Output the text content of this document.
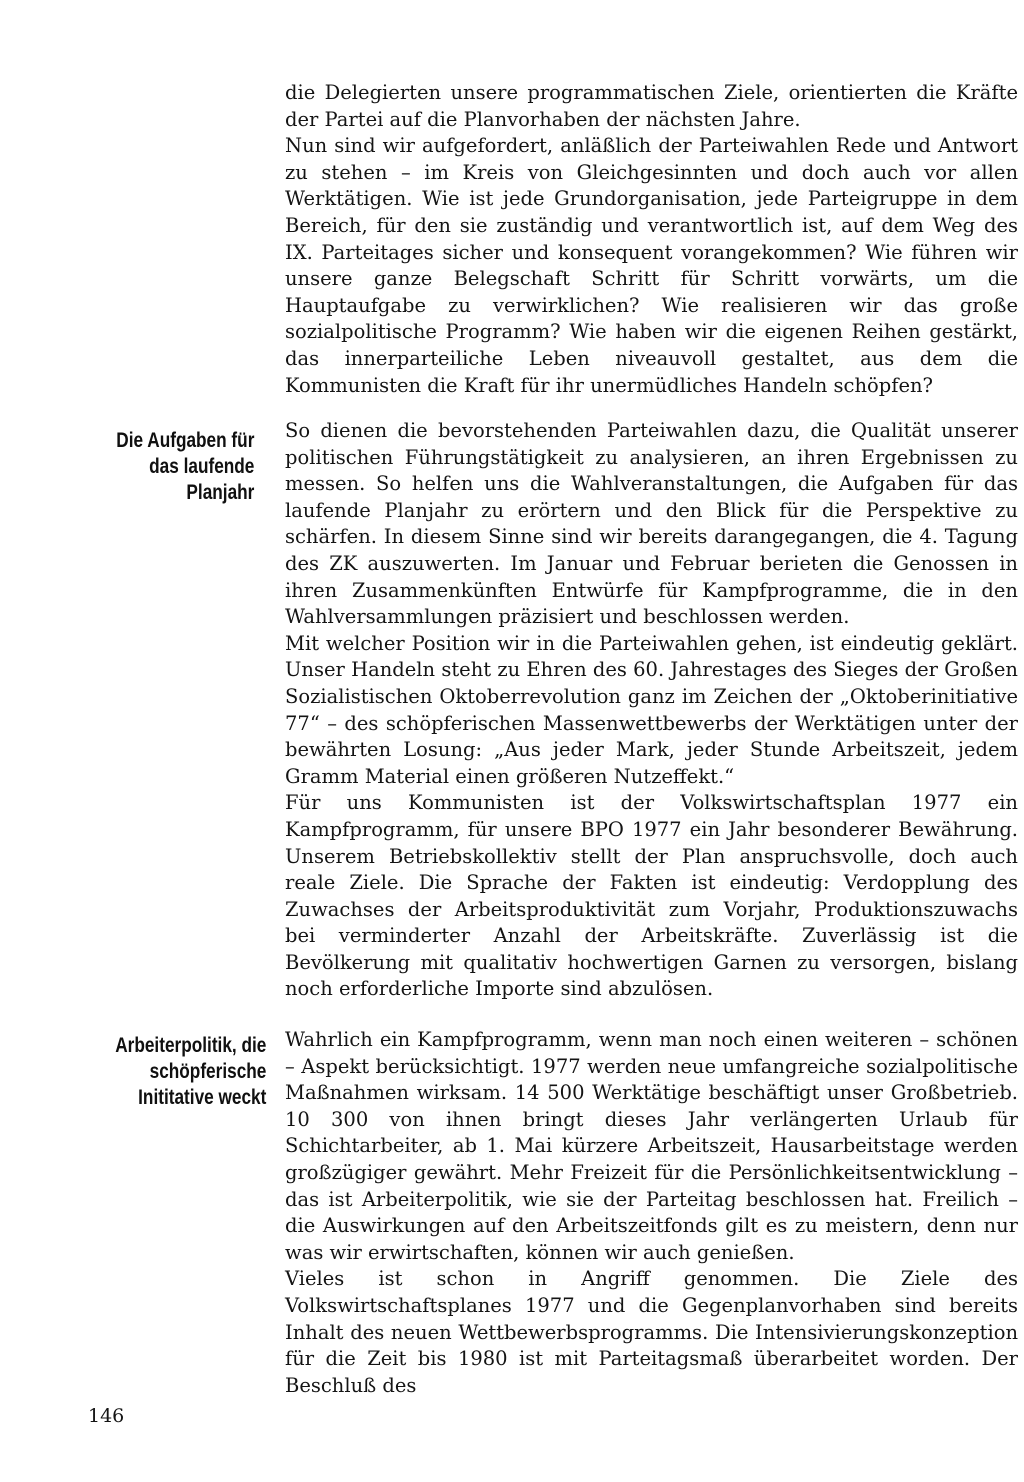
die Delegierten unsere programmatischen Ziele, orientierten die Kräfte der Partei auf die Planvorhaben der nächsten Jahre.

Nun sind wir aufgefordert, anläßlich der Parteiwahlen Rede und Antwort zu stehen – im Kreis von Gleichgesinnten und doch auch vor allen Werktätigen. Wie ist jede Grundorganisation, jede Parteigruppe in dem Bereich, für den sie zuständig und verantwortlich ist, auf dem Weg des IX. Parteitages sicher und konsequent vorangekommen? Wie führen wir unsere ganze Belegschaft Schritt für Schritt vorwärts, um die Hauptaufgabe zu verwirklichen? Wie realisieren wir das große sozialpolitische Programm? Wie haben wir die eigenen Reihen gestärkt, das innerparteiliche Leben niveauvoll gestaltet, aus dem die Kommunisten die Kraft für ihr unermüdliches Handeln schöpfen?

Die Aufgaben für
das laufende
Planjahr

So dienen die bevorstehenden Parteiwahlen dazu, die Qualität unserer politischen Führungstätigkeit zu analysieren, an ihren Ergebnissen zu messen. So helfen uns die Wahlveranstaltungen, die Aufgaben für das laufende Planjahr zu erörtern und den Blick für die Perspektive zu schärfen. In diesem Sinne sind wir bereits darangegangen, die 4. Tagung des ZK auszuwerten. Im Januar und Februar berieten die Genossen in ihren Zusammenkünften Entwürfe für Kampfprogramme, die in den Wahlversammlungen präzisiert und beschlossen werden.

Mit welcher Position wir in die Parteiwahlen gehen, ist eindeutig geklärt. Unser Handeln steht zu Ehren des 60. Jahrestages des Sieges der Großen Sozialistischen Oktoberrevolution ganz im Zeichen der „Oktoberinitiative 77“ – des schöpferischen Massenwettbewerbs der Werktätigen unter der bewährten Losung: „Aus jeder Mark, jeder Stunde Arbeitszeit, jedem Gramm Material einen größeren Nutzeffekt.“

Für uns Kommunisten ist der Volkswirtschaftsplan 1977 ein Kampfprogramm, für unsere BPO 1977 ein Jahr besonderer Bewährung. Unserem Betriebskollektiv stellt der Plan anspruchsvolle, doch auch reale Ziele. Die Sprache der Fakten ist eindeutig: Verdopplung des Zuwachses der Arbeitsproduktivität zum Vorjahr, Produktionszuwachs bei verminderter Anzahl der Arbeitskräfte. Zuverlässig ist die Bevölkerung mit qualitativ hochwertigen Garnen zu versorgen, bislang noch erforderliche Importe sind abzulösen.

Arbeiterpolitik, die
schöpferische
Inititative weckt

Wahrlich ein Kampfprogramm, wenn man noch einen weiteren – schönen – Aspekt berücksichtigt. 1977 werden neue umfangreiche sozialpolitische Maßnahmen wirksam. 14 500 Werktätige beschäftigt unser Großbetrieb. 10 300 von ihnen bringt dieses Jahr verlängerten Urlaub für Schichtarbeiter, ab 1. Mai kürzere Arbeitszeit, Hausarbeitstage werden großzügiger gewährt. Mehr Freizeit für die Persönlichkeitsentwicklung – das ist Arbeiterpolitik, wie sie der Parteitag beschlossen hat. Freilich – die Auswirkungen auf den Arbeitszeitfonds gilt es zu meistern, denn nur was wir erwirtschaften, können wir auch genießen.

Vieles ist schon in Angriff genommen. Die Ziele des Volkswirtschaftsplanes 1977 und die Gegenplanvorhaben sind bereits Inhalt des neuen Wettbewerbsprogramms. Die Intensivierungskonzeption für die Zeit bis 1980 ist mit Parteitagsmaß überarbeitet worden. Der Beschluß des

146
